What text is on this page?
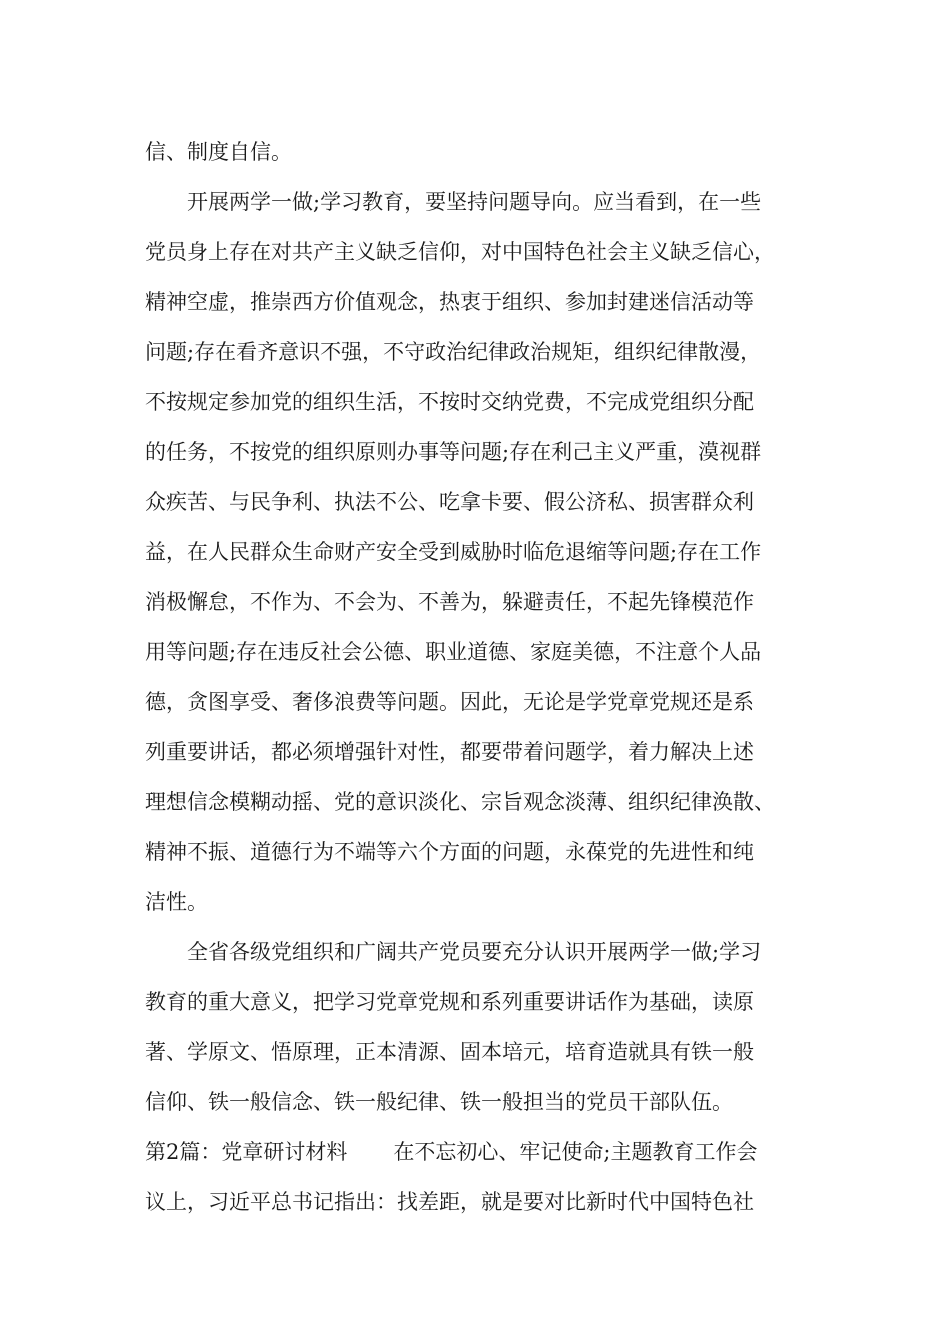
信、制度自信。
开展两学一做;学习教育，要坚持问题导向。应当看到，在一些
党员身上存在对共产主义缺乏信仰，对中国特色社会主义缺乏信心，
精神空虚，推崇西方价值观念，热衷于组织、参加封建迷信活动等
问题;存在看齐意识不强，不守政治纪律政治规矩，组织纪律散漫，
不按规定参加党的组织生活，不按时交纳党费，不完成党组织分配
的任务，不按党的组织原则办事等问题;存在利己主义严重，漠视群
众疾苦、与民争利、执法不公、吃拿卡要、假公济私、损害群众利
益，在人民群众生命财产安全受到威胁时临危退缩等问题;存在工作
消极懈怠，不作为、不会为、不善为，躲避责任，不起先锋模范作
用等问题;存在违反社会公德、职业道德、家庭美德，不注意个人品
德，贪图享受、奢侈浪费等问题。因此，无论是学党章党规还是系
列重要讲话，都必须增强针对性，都要带着问题学，着力解决上述
理想信念模糊动摇、党的意识淡化、宗旨观念淡薄、组织纪律涣散、
精神不振、道德行为不端等六个方面的问题，永葆党的先进性和纯
洁性。
全省各级党组织和广阔共产党员要充分认识开展两学一做;学习
教育的重大意义，把学习党章党规和系列重要讲话作为基础，读原
著、学原文、悟原理，正本清源、固本培元，培育造就具有铁一般
信仰、铁一般信念、铁一般纪律、铁一般担当的党员干部队伍。
第2篇：党章研讨材料 在不忘初心、牢记使命;主题教育工作会
议上，习近平总书记指出：找差距，就是要对比新时代中国特色社
